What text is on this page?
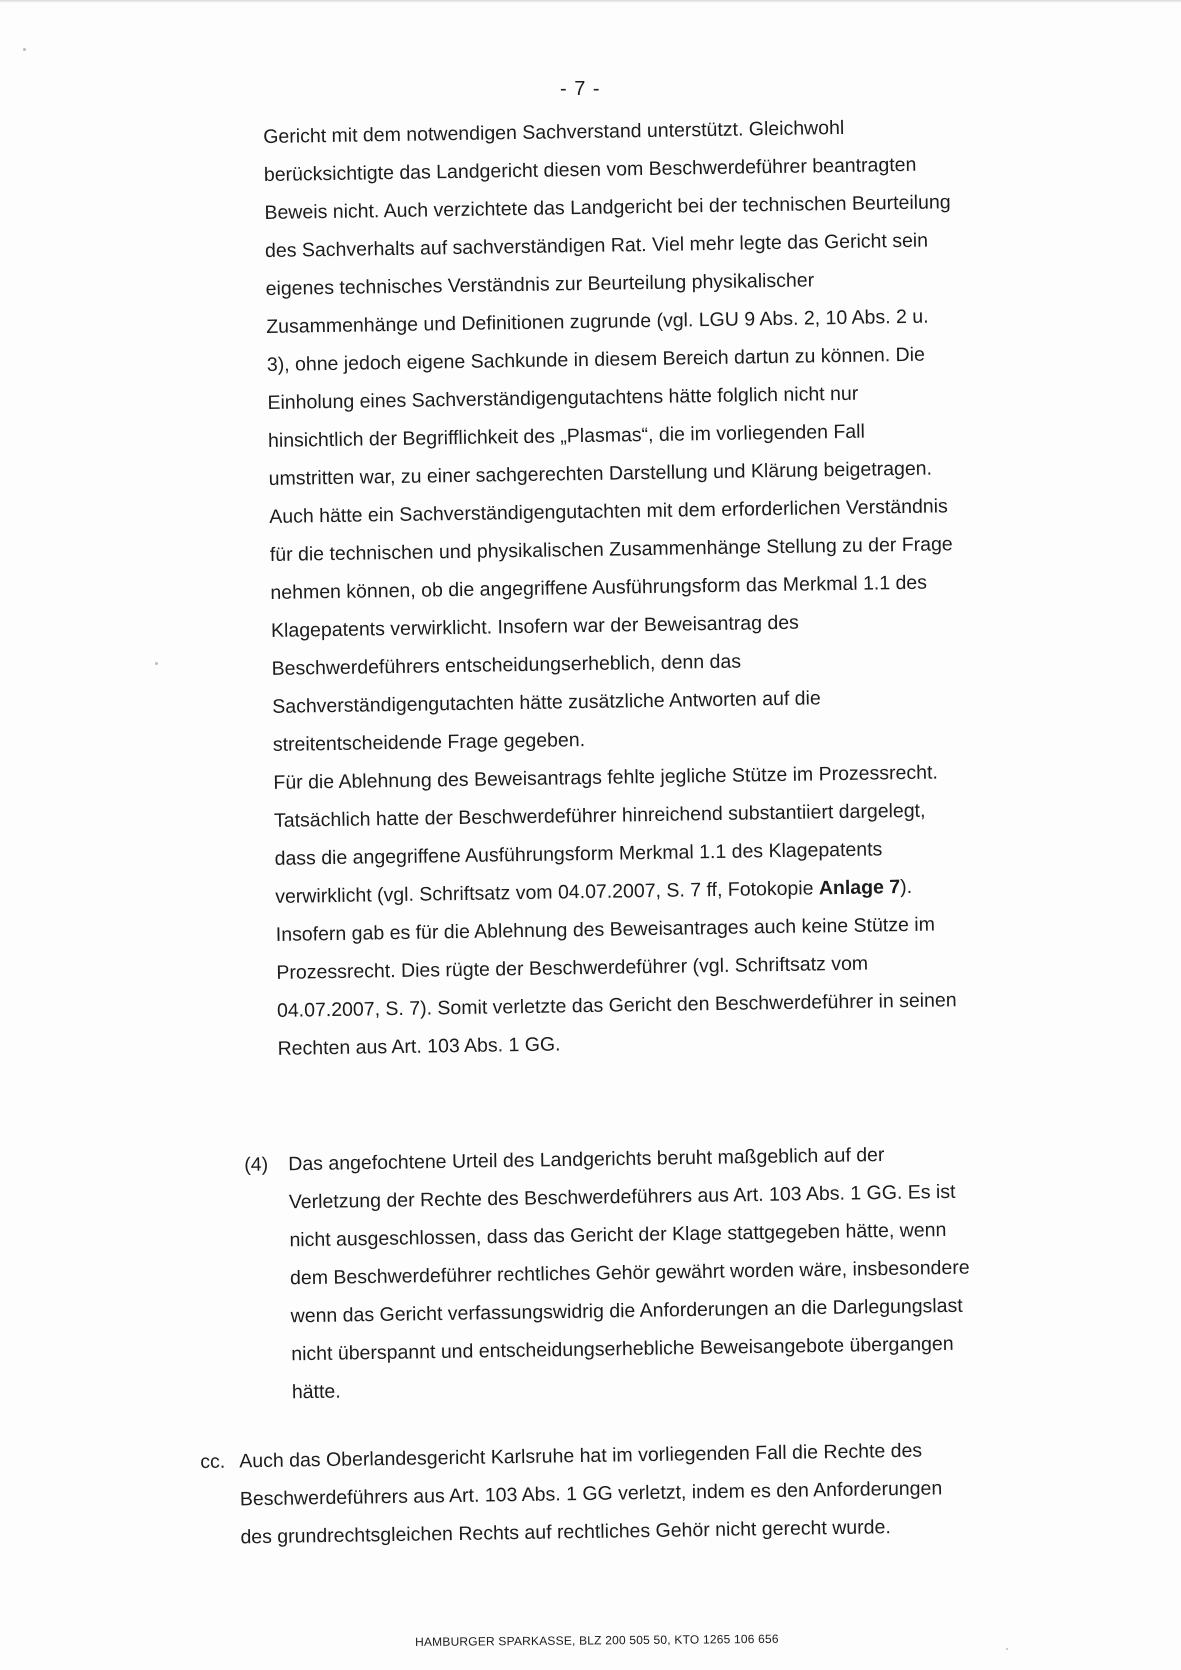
- 7 -
Gericht mit dem notwendigen Sachverstand unterstützt. Gleichwohl
berücksichtigte das Landgericht diesen vom Beschwerdeführer beantragten
Beweis nicht. Auch verzichtete das Landgericht bei der technischen Beurteilung
des Sachverhalts auf sachverständigen Rat. Viel mehr legte das Gericht sein
eigenes technisches Verständnis zur Beurteilung physikalischer
Zusammenhänge und Definitionen zugrunde (vgl. LGU 9 Abs. 2, 10 Abs. 2 u.
3), ohne jedoch eigene Sachkunde in diesem Bereich dartun zu können. Die
Einholung eines Sachverständigengutachtens hätte folglich nicht nur
hinsichtlich der Begrifflichkeit des „Plasmas“, die im vorliegenden Fall
umstritten war, zu einer sachgerechten Darstellung und Klärung beigetragen.
Auch hätte ein Sachverständigengutachten mit dem erforderlichen Verständnis
für die technischen und physikalischen Zusammenhänge Stellung zu der Frage
nehmen können, ob die angegriffene Ausführungsform das Merkmal 1.1 des
Klagepatents verwirklicht. Insofern war der Beweisantrag des
Beschwerdeführers entscheidungserheblich, denn das
Sachverständigengutachten hätte zusätzliche Antworten auf die
streitentscheidende Frage gegeben.
Für die Ablehnung des Beweisantrags fehlte jegliche Stütze im Prozessrecht.
Tatsächlich hatte der Beschwerdeführer hinreichend substantiiert dargelegt,
dass die angegriffene Ausführungsform Merkmal 1.1 des Klagepatents
verwirklicht (vgl. Schriftsatz vom 04.07.2007, S. 7 ff, Fotokopie Anlage 7).
Insofern gab es für die Ablehnung des Beweisantrages auch keine Stütze im
Prozessrecht. Dies rügte der Beschwerdeführer (vgl. Schriftsatz vom
04.07.2007, S. 7). Somit verletzte das Gericht den Beschwerdeführer in seinen
Rechten aus Art. 103 Abs. 1 GG.
(4) Das angefochtene Urteil des Landgerichts beruht maßgeblich auf der
Verletzung der Rechte des Beschwerdeführers aus Art. 103 Abs. 1 GG. Es ist
nicht ausgeschlossen, dass das Gericht der Klage stattgegeben hätte, wenn
dem Beschwerdeführer rechtliches Gehör gewährt worden wäre, insbesondere
wenn das Gericht verfassungswidrig die Anforderungen an die Darlegungslast
nicht überspannt und entscheidungserhebliche Beweisangebote übergangen
hätte.
cc. Auch das Oberlandesgericht Karlsruhe hat im vorliegenden Fall die Rechte des
Beschwerdeführers aus Art. 103 Abs. 1 GG verletzt, indem es den Anforderungen
des grundrechtsgleichen Rechts auf rechtliches Gehör nicht gerecht wurde.
HAMBURGER SPARKASSE, BLZ 200 505 50, KTO 1265 106 656
